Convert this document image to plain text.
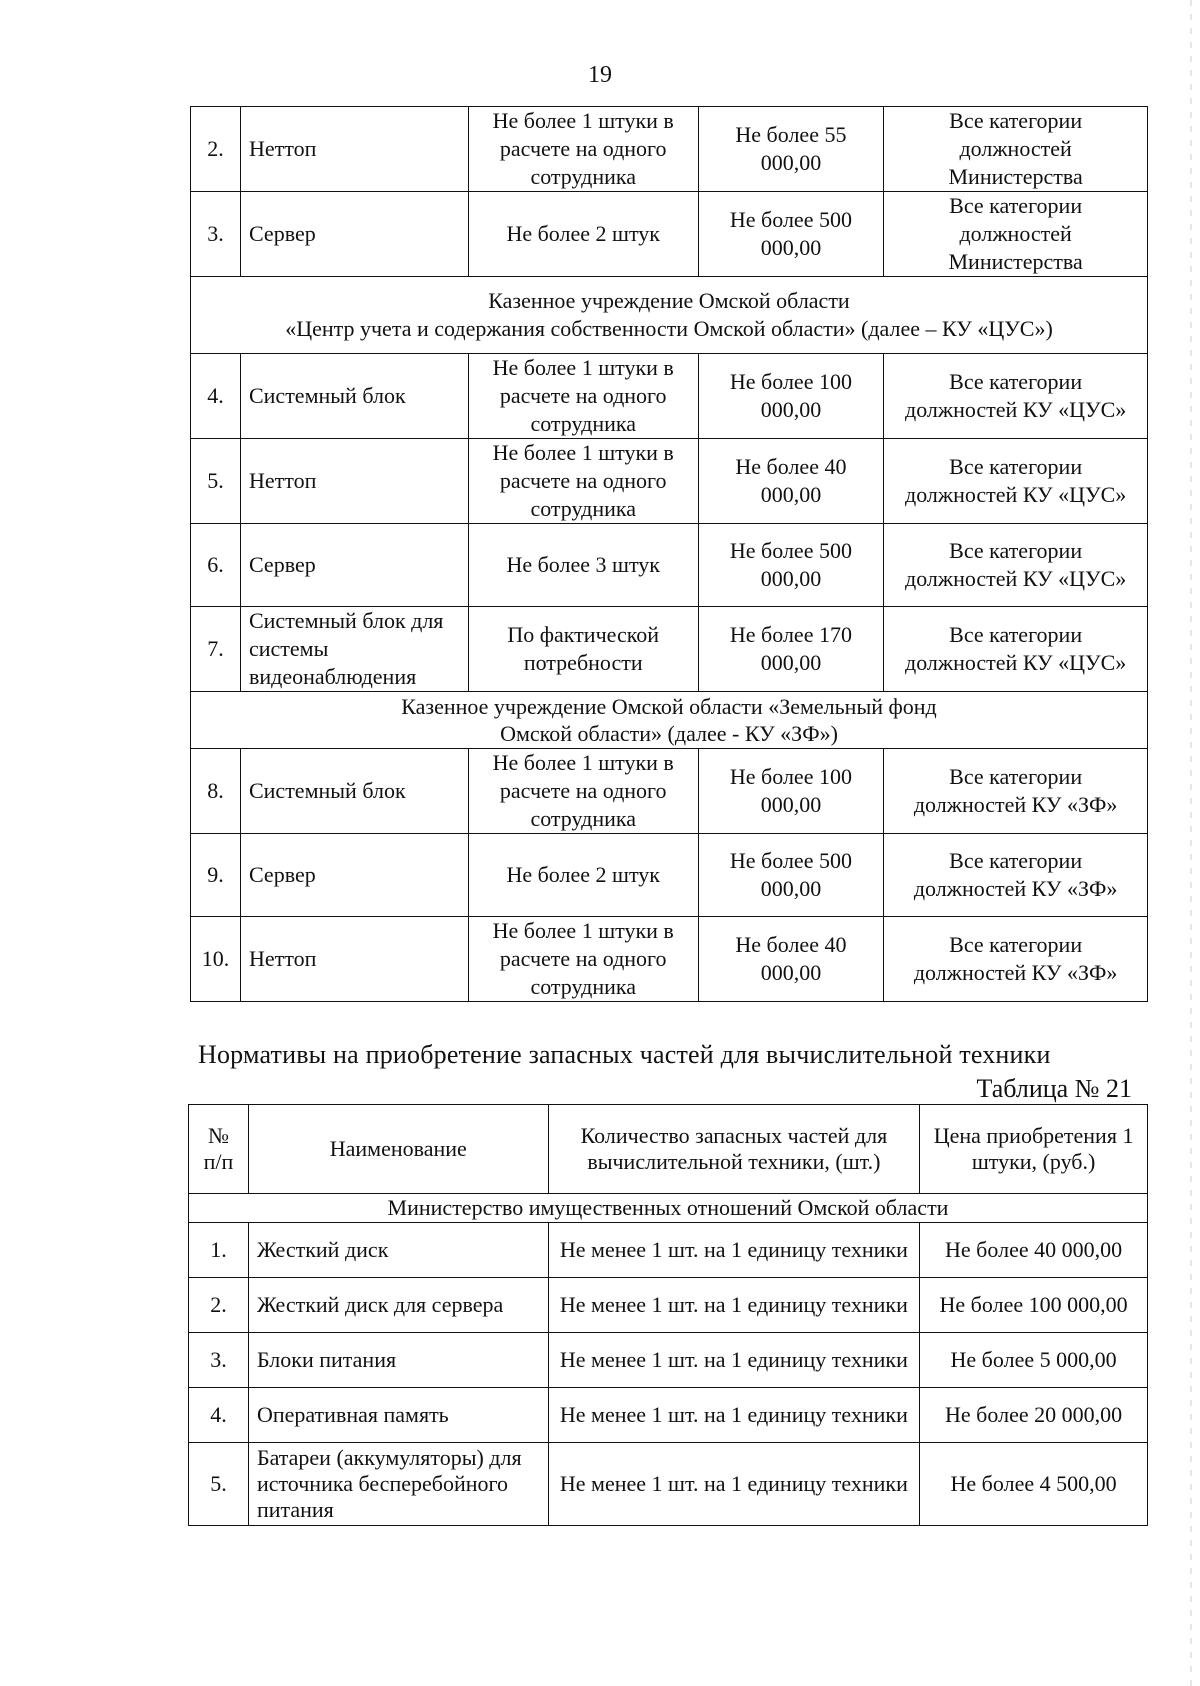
19
2.	Неттоп	Не более 1 штуки в расчете на одного сотрудника	Не более 55 000,00	Все категории должностей Министерства
3.	Сервер	Не более 2 штук	Не более 500 000,00	Все категории должностей Министерства

Казенное учреждение Омской области
«Центр учета и содержания собственности Омской области» (далее – КУ «ЦУС»)				

4.	Системный блок	Не более 1 штуки в расчете на одного сотрудника	Не более 100 000,00	Все категории должностей КУ «ЦУС»
5.	Неттоп	Не более 1 штуки в расчете на одного сотрудника	Не более 40 000,00	Все категории должностей КУ «ЦУС»
6.	Сервер	Не более 3 штук	Не более 500 000,00	Все категории должностей КУ «ЦУС»
7.	Системный блок для системы видеонаблюдения	По фактической потребности	Не более 170 000,00	Все категории должностей КУ «ЦУС»

Казенное учреждение Омской области «Земельный фонд
Омской области» (далее - КУ «ЗФ»)				

8.	Системный блок	Не более 1 штуки в расчете на одного сотрудника	Не более 100 000,00	Все категории должностей КУ «ЗФ»
9.	Сервер	Не более 2 штук	Не более 500 000,00	Все категории должностей КУ «ЗФ»
10.	Неттоп	Не более 1 штуки в расчете на одного сотрудника	Не более 40 000,00	Все категории должностей КУ «ЗФ»
Нормативы на приобретение запасных частей для вычислительной техники
Таблица № 21
№ п/п	Наименование	Количество запасных частей для вычислительной техники, (шт.)	Цена приобретения 1 штуки, (руб.)
Министерство имущественных отношений Омской области			
1.	Жесткий диск	Не менее 1 шт. на 1 единицу техники	Не более 40 000,00
2.	Жесткий диск для сервера	Не менее 1 шт. на 1 единицу техники	Не более 100 000,00
3.	Блоки питания	Не менее 1 шт. на 1 единицу техники	Не более 5 000,00
4.	Оперативная память	Не менее 1 шт. на 1 единицу техники	Не более 20 000,00
5.	Батареи (аккумуляторы) для источника бесперебойного питания	Не менее 1 шт. на 1 единицу техники	Не более 4 500,00
